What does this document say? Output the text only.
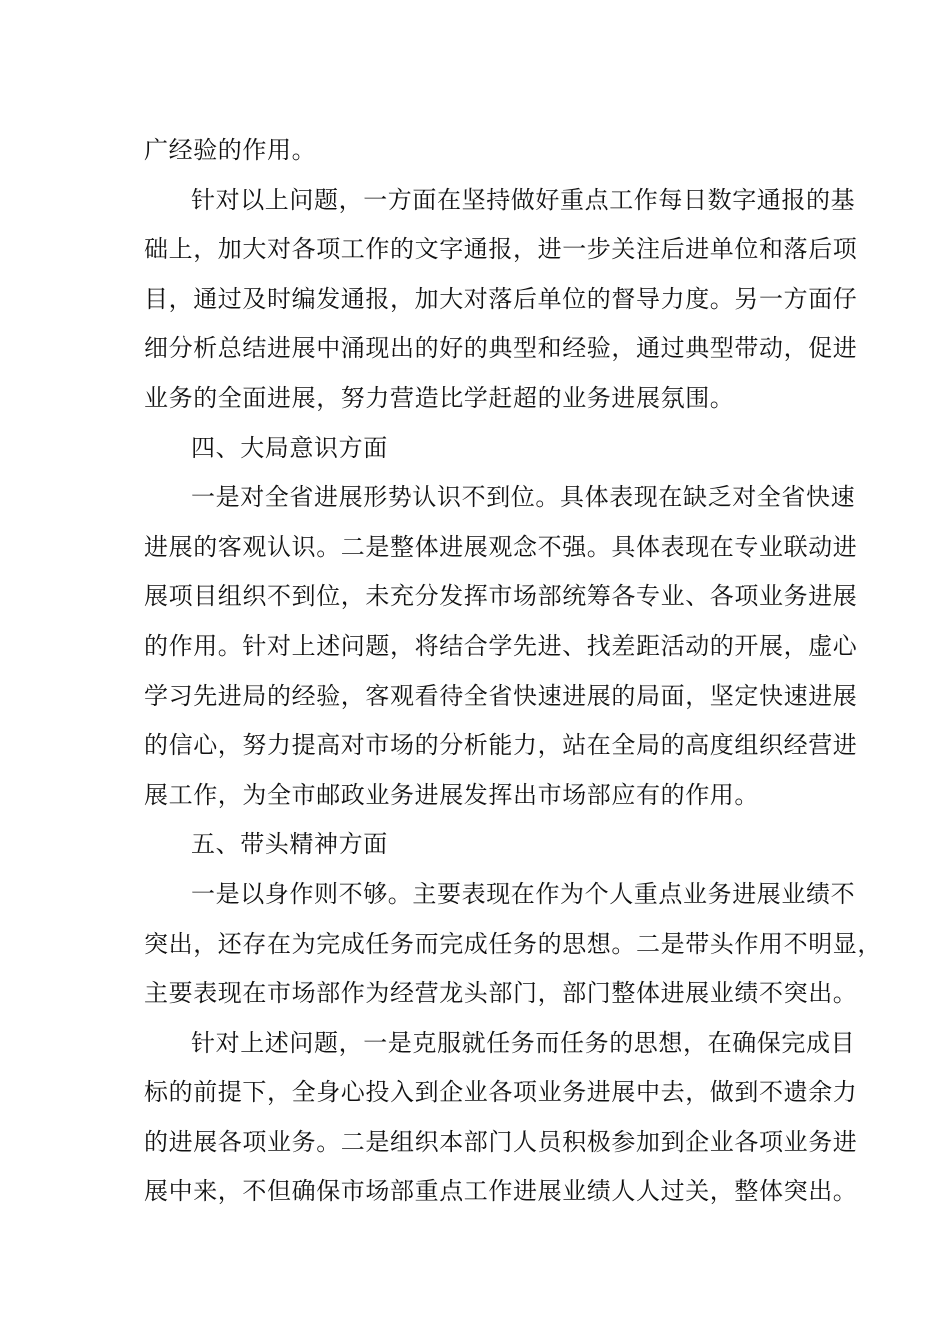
广经验的作用。
针对以上问题，一方面在坚持做好重点工作每日数字通报的基
础上，加大对各项工作的文字通报，进一步关注后进单位和落后项
目，通过及时编发通报，加大对落后单位的督导力度。另一方面仔
细分析总结进展中涌现出的好的典型和经验，通过典型带动，促进
业务的全面进展，努力营造比学赶超的业务进展氛围。
四、大局意识方面
一是对全省进展形势认识不到位。具体表现在缺乏对全省快速
进展的客观认识。二是整体进展观念不强。具体表现在专业联动进
展项目组织不到位，未充分发挥市场部统筹各专业、各项业务进展
的作用。针对上述问题，将结合学先进、找差距活动的开展，虚心
学习先进局的经验，客观看待全省快速进展的局面，坚定快速进展
的信心，努力提高对市场的分析能力，站在全局的高度组织经营进
展工作，为全市邮政业务进展发挥出市场部应有的作用。
五、带头精神方面
一是以身作则不够。主要表现在作为个人重点业务进展业绩不
突出，还存在为完成任务而完成任务的思想。二是带头作用不明显，
主要表现在市场部作为经营龙头部门，部门整体进展业绩不突出。
针对上述问题，一是克服就任务而任务的思想，在确保完成目
标的前提下，全身心投入到企业各项业务进展中去，做到不遗余力
的进展各项业务。二是组织本部门人员积极参加到企业各项业务进
展中来，不但确保市场部重点工作进展业绩人人过关，整体突出。
